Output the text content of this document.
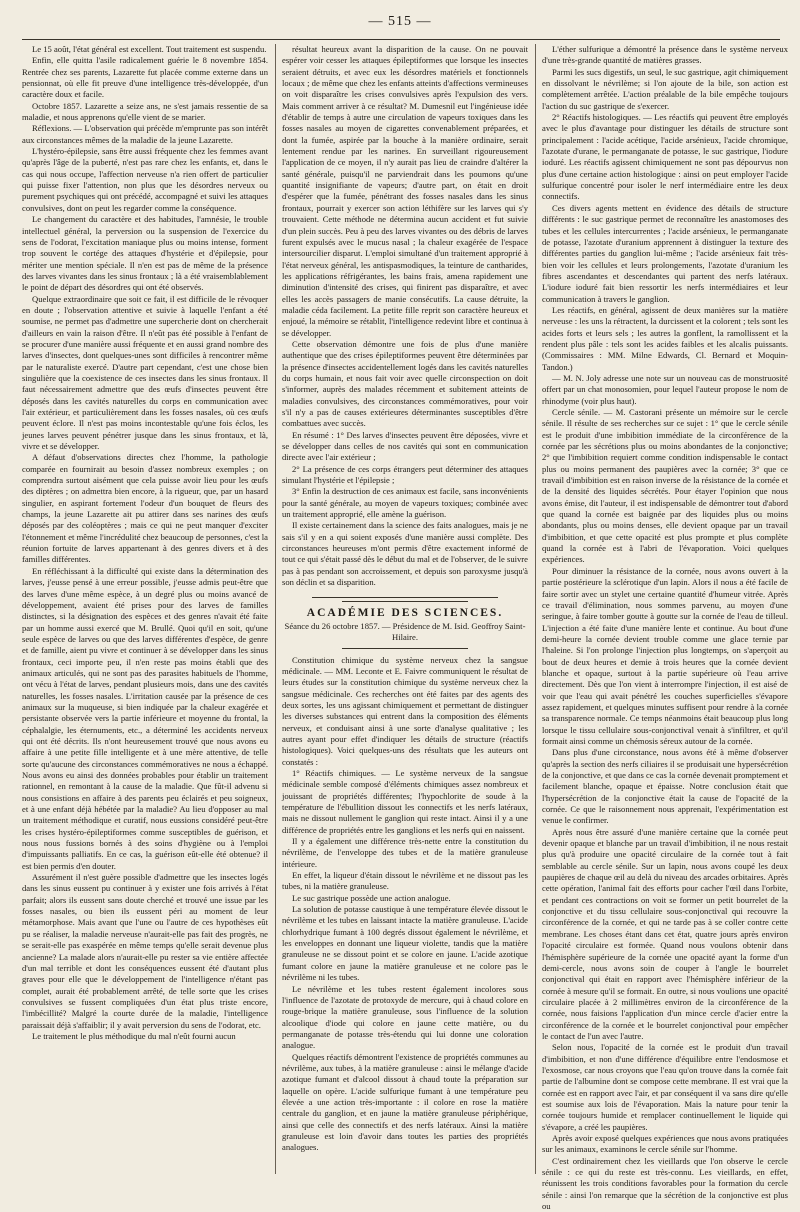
— 515 —

Le 15 août, l'état général est excellent. Tout traitement est suspendu.

Enfin, elle quitta l'asile radicalement guérie le 8 novembre 1854. Rentrée chez ses parents, Lazarette fut placée comme externe dans un pensionnat, où elle fit preuve d'une intelligence très-développée, d'un caractère doux et facile.

Octobre 1857. Lazarette a seize ans, ne s'est jamais ressentie de sa maladie, et nous apprenons qu'elle vient de se marier.

Réflexions. — L'observation qui précède m'emprunte pas son intérêt aux circonstances mêmes de la maladie de la jeune Lazarette.

L'hystéro-épilepsie, sans être aussi fréquente chez les femmes avant qu'après l'âge de la puberté, n'est pas rare chez les enfants, et, dans le cas qui nous occupe, l'affection nerveuse n'a rien offert de particulier qui puisse fixer l'attention, non plus que les désordres nerveux ou purement psychiques qui ont précédé, accompagné et suivi les attaques convulsives, dont on peut les regarder comme la conséquence.

Le changement du caractère et des habitudes, l'amnésie, le trouble intellectuel général, la perversion ou la suspension de l'exercice du sens de l'odorat, l'excitation maniaque plus ou moins intense, forment trop souvent le cortége des attaques d'hystérie et d'épilepsie, pour mériter une mention spéciale. Il n'en est pas de même de la présence des larves vivantes dans les sinus frontaux ; là a été vraisemblablement le point de départ des désordres qui ont été observés.

Quelque extraordinaire que soit ce fait, il est difficile de le révoquer en doute ; l'observation attentive et suivie à laquelle l'enfant a été soumise, ne permet pas d'admettre une supercherie dont on chercherait d'ailleurs en vain la raison d'être. Il n'eût pas été possible à l'enfant de se procurer d'une manière aussi fréquente et en aussi grand nombre des larves d'insectes, dont quelques-unes sont difficiles à rencontrer même par le naturaliste exercé. D'autre part cependant, c'est une chose bien singulière que la coexistence de ces insectes dans les sinus frontaux. Il faut nécessairement admettre que des œufs d'insectes peuvent être déposés dans les cavités naturelles du corps en communication avec l'air extérieur, et particulièrement dans les fosses nasales, où ces œufs peuvent éclore. Il n'est pas moins incontestable qu'une fois éclos, les jeunes larves peuvent pénétrer jusque dans les sinus frontaux, et là, vivre et se développer.

A défaut d'observations directes chez l'homme, la pathologie comparée en fournirait au besoin d'assez nombreux exemples ; on comprendra surtout aisément que cela puisse avoir lieu pour les œufs des diptères ; on admettra bien encore, à la rigueur, que, par un hasard singulier, en aspirant fortement l'odeur d'un bouquet de fleurs des champs, la jeune Lazarette ait pu attirer dans ses narines des œufs déposés par des coléoptères ; mais ce qui ne peut manquer d'exciter l'étonnement et même l'incrédulité chez beaucoup de personnes, c'est la réunion fortuite de larves appartenant à des genres divers et à des familles différentes.

En réfléchissant à la difficulté qui existe dans la détermination des larves, j'eusse pensé à une erreur possible, j'eusse admis peut-être que des larves d'une même espèce, à un degré plus ou moins avancé de développement, avaient été prises pour des larves de familles distinctes, si la désignation des espèces et des genres n'avait été faite par un homme aussi exercé que M. Brullé. Quoi qu'il en soit, qu'une seule espèce de larves ou que des larves différentes d'espèce, de genre et de famille, aient pu vivre et continuer à se développer dans les sinus frontaux, ceci importe peu, il n'en reste pas moins établi que des animaux articulés, qui ne sont pas des parasites habituels de l'homme, ont vécu à l'état de larves, pendant plusieurs mois, dans une des cavités naturelles, les fosses nasales. L'irritation causée par la présence de ces animaux sur la muqueuse, si bien indiquée par la chaleur exagérée et persistante observée vers la partie inférieure et moyenne du frontal, la céphalalgie, les éternuments, etc., a déterminé les accidents nerveux qui ont été décrits. Ils n'ont heureusement trouvé que nous avons eu affaire à une petite fille intelligente et à une mère attentive, de telle sorte qu'aucune des circonstances commémoratives ne nous a échappé. Nous avons eu ainsi des données probables pour établir un traitement rationnel, en remontant à la cause de la maladie. Que fût-il advenu si nous consistions en affaire à des parents peu éclairés et peu soigneux, et à une enfant déjà hébétée par la maladie? Au lieu d'opposer au mal un traitement méthodique et curatif, nous eussions considéré peut-être les crises hystéro-épileptiformes comme susceptibles de guérison, et nous nous fussions bornés à des soins d'hygiène ou à l'emploi d'impuissants palliatifs. En ce cas, la guérison eût-elle été obtenue? il est bien permis d'en douter.

Assurément il n'est guère possible d'admettre que les insectes logés dans les sinus eussent pu continuer à y exister une fois arrivés à l'état parfait; alors ils eussent sans doute cherché et trouvé une issue par les fosses nasales, ou bien ils eussent péri au moment de leur métamorphose. Mais avant que l'une ou l'autre de ces hypothèses eût pu se réaliser, la maladie nerveuse n'aurait-elle pas fait des progrès, ne se serait-elle pas exaspérée en même temps qu'elle serait devenue plus ancienne? La malade alors n'aurait-elle pu rester sa vie entière affectée d'un mal terrible et dont les conséquences eussent été d'autant plus graves pour elle que le développement de l'intelligence n'étant pas complet, aurait été probablement arrêté, de telle sorte que les crises convulsives se fussent compliquées d'un état plus triste encore, l'imbécillité? Malgré la courte durée de la maladie, l'intelligence paraissait déjà s'affaiblir; il y avait perversion du sens de l'odorat, etc.

Le traitement le plus méthodique du mal n'eût fourni aucun

résultat heureux avant la disparition de la cause. On ne pouvait espérer voir cesser les attaques épileptiformes que lorsque les insectes seraient détruits, et avec eux les désordres matériels et fonctionnels locaux ; de même que chez les enfants atteints d'affections vermineuses on voit disparaître les crises convulsives après l'expulsion des vers. Mais comment arriver à ce résultat? M. Dumesnil eut l'ingénieuse idée d'établir de temps à autre une circulation de vapeurs toxiques dans les fosses nasales au moyen de cigarettes convenablement préparées, et dont la fumée, aspirée par la bouche à la manière ordinaire, serait lentement rendue par les narines. En surveillant rigoureusement l'application de ce moyen, il n'y aurait pas lieu de craindre d'altérer la santé générale, puisqu'il ne parviendrait dans les poumons qu'une quantité insignifiante de vapeurs; d'autre part, on était en droit d'espérer que la fumée, pénétrant des fosses nasales dans les sinus frontaux, pourrait y exercer son action léthifère sur les larves qui s'y trouvaient. Cette méthode ne détermina aucun accident et fut suivie d'un plein succès. Peu à peu des larves vivantes ou des débris de larves furent expulsés avec le mucus nasal ; la chaleur exagérée de l'espace intersourcilier disparut. L'emploi simultané d'un traitement approprié à l'état nerveux général, les antispasmodiques, la teinture de cantharides, les applications réfrigérantes, les bains frais, amena rapidement une diminution d'intensité des crises, qui finirent pas disparaître, et avec elles les accès passagers de manie consécutifs. La cause détruite, la maladie céda facilement. La petite fille reprit son caractère heureux et enjoué, la mémoire se rétablit, l'intelligence redevint libre et continua à se développer.

Cette observation démontre une fois de plus d'une manière authentique que des crises épileptiformes peuvent être déterminées par la présence d'insectes accidentellement logés dans les cavités naturelles du corps humain, et nous fait voir avec quelle circonspection on doit s'informer, auprès des malades récemment et subitement atteints de maladies convulsives, des circonstances commémoratives, pour voir s'il n'y a pas de causes extérieures déterminantes susceptibles d'être combattues avec succès.

En résumé : 1° Des larves d'insectes peuvent être déposées, vivre et se développer dans celles de nos cavités qui sont en communication directe avec l'air extérieur ;

2° La présence de ces corps étrangers peut déterminer des attaques simulant l'hystérie et l'épilepsie ;

3° Enfin la destruction de ces animaux est facile, sans inconvénients pour la santé générale, au moyen de vapeurs toxiques; combinée avec un traitement approprié, elle amène la guérison.

Il existe certainement dans la science des faits analogues, mais je ne sais s'il y en a qui soient exposés d'une manière aussi complète. Des circonstances heureuses m'ont permis d'être exactement informé de tout ce qui s'était passé dès le début du mal et de l'observer, de le suivre pas à pas pendant son accroissement, et depuis son paroxysme jusqu'à son déclin et sa disparition.

ACADÉMIE DES SCIENCES.

Séance du 26 octobre 1857. — Présidence de M. Isid. Geoffroy Saint-Hilaire.

Constitution chimique du système nerveux chez la sangsue médicinale. — MM. Leconte et E. Faivre communiquent le résultat de leurs études sur la constitution chimique du système nerveux chez la sangsue médicinale. Ces recherches ont été faites par des agents des deux sortes, les uns agissant chimiquement et permettant de distinguer les diverses substances qui entrent dans la composition des éléments nerveux, et conduisant ainsi à une sorte d'analyse qualitative ; les autres ayant pour effet d'indiquer les détails de structure (réactifs histologiques). Voici quelques-uns des résultats que les auteurs ont constatés :

1° Réactifs chimiques. — Le système nerveux de la sangsue médicinale semble composé d'éléments chimiques assez nombreux et jouissant de propriétés différentes; l'hypochlorite de soude à la température de l'ébullition dissout les connectifs et les nerfs latéraux, mais ne dissout nullement le ganglion qui reste intact. Ainsi il y a une différence de propriétés entre les ganglions et les nerfs qui en naissent.

Il y a également une différence très-nette entre la constitution du névrilème, de l'enveloppe des tubes et de la matière granuleuse intérieure.

En effet, la liqueur d'étain dissout le névrilème et ne dissout pas les tubes, ni la matière granuleuse.

Le suc gastrique possède une action analogue.

La solution de potasse caustique à une température élevée dissout le névrilème et les tubes en laissant intacte la matière granuleuse. L'acide chlorhydrique fumant à 100 degrés dissout également le névrilème, et les enveloppes en donnant une liqueur violette, tandis que la matière granuleuse ne se dissout point et se colore en jaune. L'acide azotique fumant colore en jaune la matière granuleuse et ne colore pas le névrilème ni les tubes.

Le névrilème et les tubes restent également incolores sous l'influence de l'azotate de protoxyde de mercure, qui à chaud colore en rouge-brique la matière granuleuse, sous l'influence de la solution alcoolique d'iode qui colore en jaune cette matière, ou du permanganate de potasse très-étendu qui lui donne une coloration analogue.

Quelques réactifs démontrent l'existence de propriétés communes au névrilème, aux tubes, à la matière granuleuse : ainsi le mélange d'acide azotique fumant et d'alcool dissout à chaud toute la préparation sur laquelle on opère. L'acide sulfurique fumant à une température peu élevée a une action très-importante : il colore en rose la matière centrale du ganglion, et en jaune la matière granuleuse périphérique, ainsi que celle des connectifs et des nerfs latéraux. Ainsi la matière granuleuse est loin d'avoir dans toutes les parties des propriétés analogues.

L'éther sulfurique a démontré la présence dans le système nerveux d'une très-grande quantité de matières grasses.

Parmi les sucs digestifs, un seul, le suc gastrique, agit chimiquement en dissolvant le névrilème; si l'on ajoute de la bile, son action est complètement arrêtée. L'action préalable de la bile empêche toujours l'action du suc gastrique de s'exercer.

2° Réactifs histologiques. — Les réactifs qui peuvent être employés avec le plus d'avantage pour distinguer les détails de structure sont principalement : l'acide acétique, l'acide arsénieux, l'acide chromique, l'azotate d'urane, le permanganate de potasse, le suc gastrique, l'iodure ioduré. Les réactifs agissent chimiquement ne sont pas dépourvus non plus d'une certaine action histologique : ainsi on peut employer l'acide sulfurique concentré pour isoler le nerf intermédiaire entre les deux connectifs.

Ces divers agents mettent en évidence des détails de structure différents : le suc gastrique permet de reconnaître les anastomoses des tubes et les cellules intercurrentes ; l'acide arsénieux, le permanganate de potasse, l'azotate d'uranium apprennent à distinguer la texture des différentes parties du ganglion lui-même ; l'acide arsénieux fait très-bien voir les cellules et leurs prolongements, l'azotate d'uranium les fibres ascendantes et descendantes qui partent des nerfs latéraux. L'iodure ioduré fait bien ressortir les nerfs intermédiaires et leur communication à travers le ganglion.

Les réactifs, en général, agissent de deux manières sur la matière nerveuse : les uns la rétractent, la durcissent et la colorent ; tels sont les acides forts et leurs sels ; les autres la gonflent, la ramollissent et la rendent plus pâle : tels sont les acides faibles et les alcalis puissants. (Commissaires : MM. Milne Edwards, Cl. Bernard et Moquin-Tandon.)

— M. N. Joly adresse une note sur un nouveau cas de monstruosité offert par un chat monosomien, pour lequel l'auteur propose le nom de rhinodyme (voir plus haut).

Cercle sénile. — M. Castorani présente un mémoire sur le cercle sénile. Il résulte de ses recherches sur ce sujet : 1° que le cercle sénile est le produit d'une imbibition immédiate de la circonférence de la cornée par les sécrétions plus ou moins abondantes de la conjonctive; 2° que l'imbibition requiert comme condition indispensable le contact plus ou moins permanent des paupières avec la cornée; 3° que ce travail d'imbibition est en raison inverse de la résistance de la cornée et de la densité des liquides sécrétés. Pour étayer l'opinion que nous avons émise, dit l'auteur, il est indispensable de démontrer tout d'abord que quand la cornée est baignée par des liquides plus ou moins abondants, plus ou moins denses, elle devient opaque par un travail d'imbibition, et que cette opacité est plus prompte et plus complète quand la cornée est à l'abri de l'évaporation. Voici quelques expériences.

Pour diminuer la résistance de la cornée, nous avons ouvert à la partie postérieure la sclérotique d'un lapin. Alors il nous a été facile de faire sortir avec un stylet une certaine quantité d'humeur vitrée. Après ce travail d'élimination, nous sommes parvenu, au moyen d'une seringue, à faire tomber goutte à goutte sur la cornée de l'eau de tilleul. L'injection a été faite d'une manière lente et continue. Au bout d'une demi-heure la cornée devient trouble comme une glace ternie par l'haleine. Si l'on prolonge l'injection plus longtemps, on s'aperçoit au bout de deux heures et demie à trois heures que la cornée devient blanche et opaque, surtout à la partie supérieure où l'eau arrive directement. Dès que l'on vient à interrompre l'injection, il est aisé de voir que l'eau qui avait pénétré les couches superficielles s'évapore assez rapidement, et quelques minutes suffisent pour rendre à la cornée sa transparence normale. Ce temps néanmoins était beaucoup plus long lorsque le tissu cellulaire sous-conjonctival venait à s'infiltrer, et qu'il formait ainsi comme un chémosis séreux autour de la cornée.

Dans plus d'une circonstance, nous avons été à même d'observer qu'après la section des nerfs ciliaires il se produisait une hypersécrétion de la conjonctive, et que dans ce cas la cornée devenait promptement et facilement blanche, opaque et épaisse. Notre conclusion était que l'hypersécrétion de la conjonctive était la cause de l'opacité de la cornée. Ce que le raisonnement nous apprenait, l'expérimentation est venue le confirmer.

Après nous être assuré d'une manière certaine que la cornée peut devenir opaque et blanche par un travail d'imbibition, il ne nous restait plus qu'à produire une opacité circulaire de la cornée tout à fait semblable au cercle sénile. Sur un lapin, nous avons coupé les deux paupières de chaque œil au delà du niveau des arcades orbitaires. Après cette opération, l'animal fait des efforts pour cacher l'œil dans l'orbite, et pendant ces contractions on voit se former un petit bourrelet de la conjonctive et du tissu cellulaire sous-conjonctival qui recouvre la circonférence de la cornée, et qui ne tarde pas à se coller contre cette membrane. Les choses étant dans cet état, quatre jours après environ l'opacité circulaire est formée. Quand nous voulons obtenir dans l'hémisphère supérieure de la cornée une opacité ayant la forme d'un demi-cercle, nous avons soin de couper à l'angle le bourrelet conjonctival qui était en rapport avec l'hémisphère inférieur de la cornée à mesure qu'il se formait. En outre, si nous voulions une opacité circulaire placée à 2 millimètres environ de la circonférence de la cornée, nous faisions l'application d'un mince cercle d'acier entre la circonférence de la cornée et le bourrelet conjonctival pour empêcher le contact de l'un avec l'autre.

Selon nous, l'opacité de la cornée est le produit d'un travail d'imbibition, et non d'une différence d'équilibre entre l'endosmose et l'exosmose, car nous croyons que l'eau qu'on trouve dans la cornée fait partie de l'albumine dont se compose cette membrane. Il est vrai que la cornée est en rapport avec l'air, et par conséquent il va sans dire qu'elle est soumise aux lois de l'évaporation. Mais la nature pour tenir la cornée toujours humide et remplacer continuellement le liquide qui s'évapore, a créé les paupières.

Après avoir exposé quelques expériences que nous avons pratiquées sur les animaux, examinons le cercle sénile sur l'homme.

C'est ordinairement chez les vieillards que l'on observe le cercle sénile : ce qui du reste est très-connu. Les vieillards, en effet, réunissent les trois conditions favorables pour la formation du cercle sénile : ainsi l'on remarque que la sécrétion de la conjonctive est plus ou
